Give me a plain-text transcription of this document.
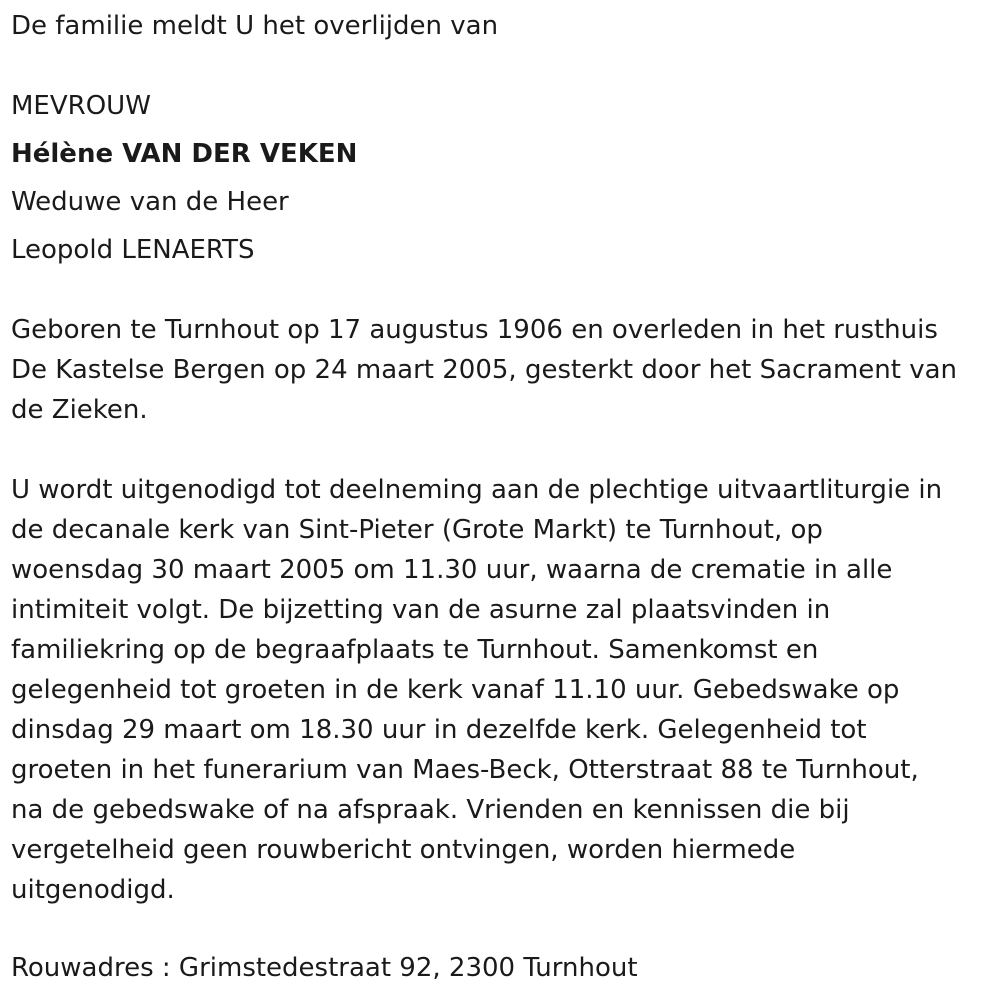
De familie meldt U het overlijden van
MEVROUW
Hélène VAN DER VEKEN
Weduwe van de Heer
Leopold LENAERTS
Geboren te Turnhout op 17 augustus 1906 en overleden in het rusthuis
De Kastelse Bergen op 24 maart 2005, gesterkt door het Sacrament van
de Zieken.
U wordt uitgenodigd tot deelneming aan de plechtige uitvaartliturgie in
de decanale kerk van Sint-Pieter (Grote Markt) te Turnhout, op
woensdag 30 maart 2005 om 11.30 uur, waarna de crematie in alle
intimiteit volgt. De bijzetting van de asurne zal plaatsvinden in
familiekring op de begraafplaats te Turnhout. Samenkomst en
gelegenheid tot groeten in de kerk vanaf 11.10 uur. Gebedswake op
dinsdag 29 maart om 18.30 uur in dezelfde kerk. Gelegenheid tot
groeten in het funerarium van Maes-Beck, Otterstraat 88 te Turnhout,
na de gebedswake of na afspraak. Vrienden en kennissen die bij
vergetelheid geen rouwbericht ontvingen, worden hiermede
uitgenodigd.
Rouwadres : Grimstedestraat 92, 2300 Turnhout
